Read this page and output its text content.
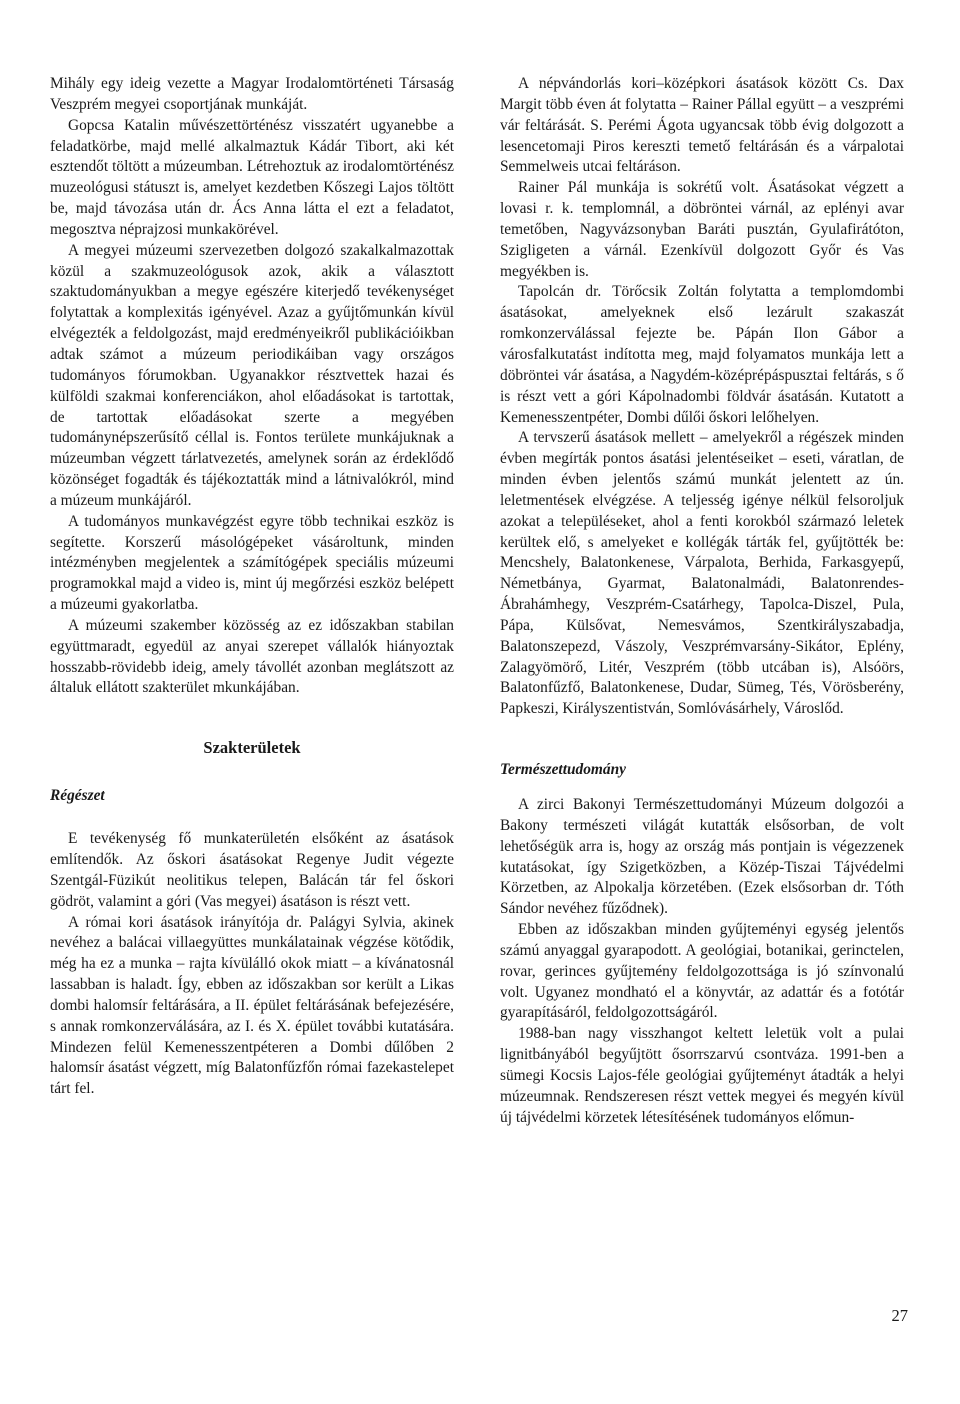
Mihály egy ideig vezette a Magyar Irodalomtörténeti Társaság Veszprém megyei csoportjának munkáját.

Gopcsa Katalin művészettörténész visszatért ugyanebbe a feladatkörbe, majd mellé alkalmaztuk Kádár Tibort, aki két esztendőt töltött a múzeumban. Létrehoztuk az irodalomtörténész muzeológusi státuszt is, amelyet kezdetben Kőszegi Lajos töltött be, majd távozása után dr. Ács Anna látta el ezt a feladatot, megosztva néprajzosi munkakörével.

A megyei múzeumi szervezetben dolgozó szakalkalmazottak közül a szakmuzeológusok azok, akik a választott szaktudományukban a megye egészére kiterjedő tevékenységet folytattak a komplexitás igényével. Azaz a gyűjtőmunkán kívül elvégezték a feldolgozást, majd eredményeikről publikációikban adtak számot a múzeum periodikáiban vagy országos tudományos fórumokban. Ugyanakkor résztvettek hazai és külföldi szakmai konferenciákon, ahol előadásokat is tartottak, de tartottak előadásokat szerte a megyében tudománynépszerűsítő céllal is. Fontos területe munkájuknak a múzeumban végzett tárlatvezetés, amelynek során az érdeklődő közönséget fogadták és tájékoztatták mind a látnivalókról, mind a múzeum munkájáról.

A tudományos munkavégzést egyre több technikai eszköz is segítette. Korszerű másológépeket vásároltunk, minden intézményben megjelentek a számítógépek speciális múzeumi programokkal majd a video is, mint új megőrzési eszköz belépett a múzeumi gyakorlatba.

A múzeumi szakember közösség az ez időszakban stabilan együttmaradt, egyedül az anyai szerepet vállalók hiányoztak hosszabb-rövidebb ideig, amely távollét azonban meglátszott az általuk ellátott szakterület mkunkájában.

Szakterületek
Régészet

E tevékenység fő munkaterületén elsőként az ásatások említendők. Az őskori ásatásokat Regenye Judit végezte Szentgál-Füzikút neolitikus telepen, Balácán tár fel őskori gödröt, valamint a góri (Vas megyei) ásatáson is részt vett.

A római kori ásatások irányítója dr. Palágyi Sylvia, akinek nevéhez a balácai villaegyüttes munkálatainak végzése kötődik, még ha ez a munka – rajta kívülálló okok miatt – a kívánatosnál lassabban is haladt. Így, ebben az időszakban sor került a Likas dombi halomsír feltárására, a II. épület feltárásának befejezésére, s annak romkonzerválására, az I. és X. épület további kutatására. Mindezen felül Kemenesszentpéteren a Dombi dűlőben 2 halomsír ásatást végzett, míg Balatonfűzfőn római fazekastelepet tárt fel.

A népvándorlás kori–középkori ásatások között Cs. Dax Margit több éven át folytatta – Rainer Pállal együtt – a veszprémi vár feltárását. S. Perémi Ágota ugyancsak több évig dolgozott a lesencetomaji Piros kereszti temető feltárásán és a várpalotai Semmelweis utcai feltáráson.

Rainer Pál munkája is sokrétű volt. Ásatásokat végzett a lovasi r. k. templomnál, a döbröntei várnál, az eplényi avar temetőben, Nagyvázsonyban Baráti pusztán, Gyulafirátóton, Szigligeten a várnál. Ezenkívül dolgozott Győr és Vas megyékben is.

Tapolcán dr. Törőcsik Zoltán folytatta a templomdombi ásatásokat, amelyeknek első lezárult szakaszát romkonzerválással fejezte be. Pápán Ilon Gábor a városfalkutatást indította meg, majd folyamatos munkája lett a döbröntei vár ásatása, a Nagydém-középrépáspusztai feltárás, s ő is részt vett a góri Kápolnadombi földvár ásatásán. Kutatott a Kemenesszentpéter, Dombi dűlői őskori lelőhelyen.

A tervszerű ásatások mellett – amelyekről a régészek minden évben megírták pontos ásatási jelentéseiket – eseti, váratlan, de minden évben jelentős számú munkát jelentett az ún. leletmentések elvégzése. A teljesség igénye nélkül felsoroljuk azokat a településeket, ahol a fenti korokból származó leletek kerültek elő, s amelyeket e kollégák tárták fel, gyűjtötték be: Mencshely, Balatonkenese, Várpalota, Berhida, Farkasgyepű, Németbánya, Gyarmat, Balatonalmádi, Balatonrendes-Ábrahámhegy, Veszprém-Csatárhegy, Tapolca-Diszel, Pula, Pápa, Külsővat, Nemesvámos, Szentkirályszabadja, Balatonszepezd, Vászoly, Veszprémvarsány-Sikátor, Eplény, Zalagyömörő, Litér, Veszprém (több utcában is), Alsóörs, Balatonfűzfő, Balatonkenese, Dudar, Sümeg, Tés, Vörösberény, Papkeszi, Királyszentistván, Somlóvásárhely, Városlőd.

Természettudomány

A zirci Bakonyi Természettudományi Múzeum dolgozói a Bakony természeti világát kutatták elsősorban, de volt lehetőségük arra is, hogy az ország más pontjain is végezzenek kutatásokat, így Szigetközben, a Közép-Tiszai Tájvédelmi Körzetben, az Alpokalja körzetében. (Ezek elsősorban dr. Tóth Sándor nevéhez fűződnek).

Ebben az időszakban minden gyűjteményi egység jelentős számú anyaggal gyarapodott. A geológiai, botanikai, gerinctelen, rovar, gerinces gyűjtemény feldolgozottsága is jó színvonalú volt. Ugyanez mondható el a könyvtár, az adattár és a fotótár gyarapításáról, feldolgozottságáról.

1988-ban nagy visszhangot keltett leletük volt a pulai lignitbányából begyűjtött ősorrszarvú csontváza. 1991-ben a sümegi Kocsis Lajos-féle geológiai gyűjteményt átadták a helyi múzeumnak. Rendszeresen részt vettek megyei és megyén kívül új tájvédelmi körzetek létesítésének tudományos előmun-

27
